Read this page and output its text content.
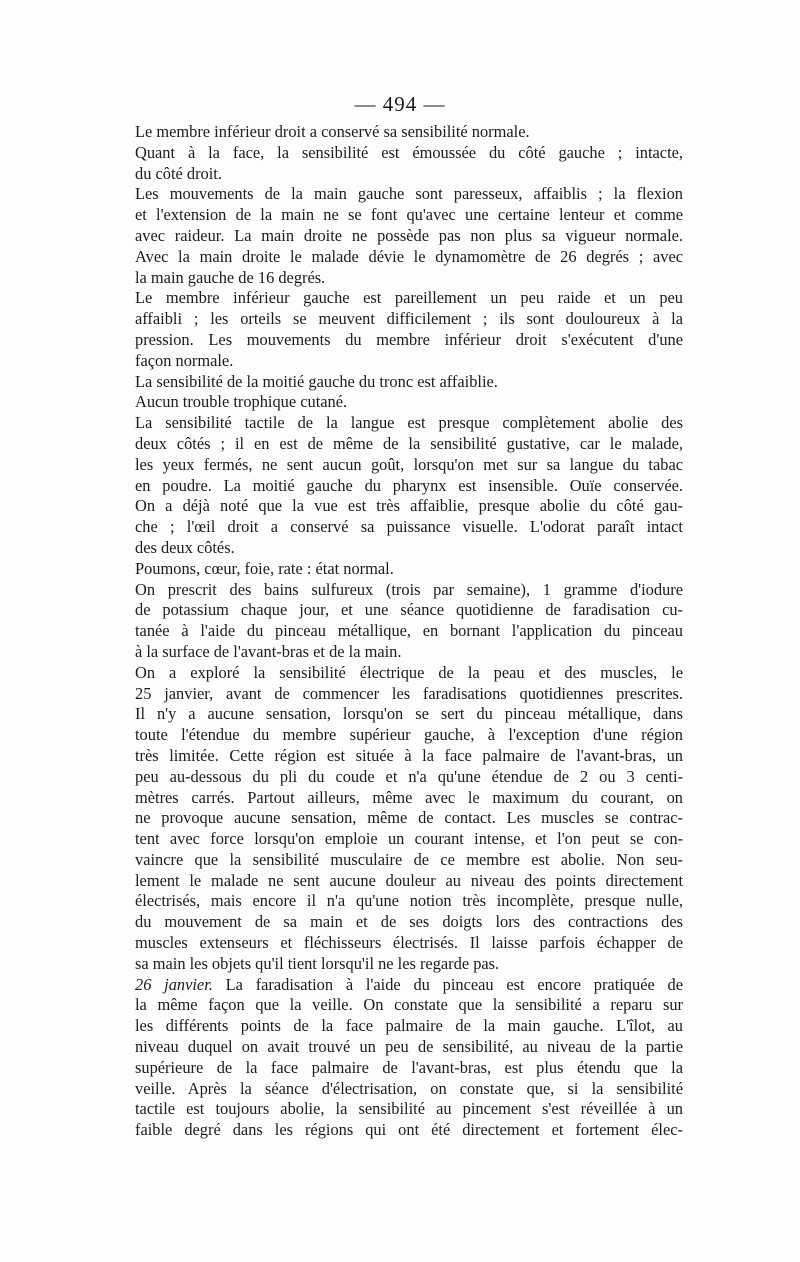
— 494 —

Le membre inférieur droit a conservé sa sensibilité normale.

Quant à la face, la sensibilité est émoussée du côté gauche ; intacte,
du côté droit.

Les mouvements de la main gauche sont paresseux, affaiblis ; la flexion
et l'extension de la main ne se font qu'avec une certaine lenteur et comme
avec raideur. La main droite ne possède pas non plus sa vigueur normale.
Avec la main droite le malade dévie le dynamomètre de 26 degrés ; avec
la main gauche de 16 degrés.

Le membre inférieur gauche est pareillement un peu raide et un peu
affaibli ; les orteils se meuvent difficilement ; ils sont douloureux à la
pression. Les mouvements du membre inférieur droit s'exécutent d'une
façon normale.

La sensibilité de la moitié gauche du tronc est affaiblie.

Aucun trouble trophique cutané.

La sensibilité tactile de la langue est presque complètement abolie des
deux côtés ; il en est de même de la sensibilité gustative, car le malade,
les yeux fermés, ne sent aucun goût, lorsqu'on met sur sa langue du tabac
en poudre. La moitié gauche du pharynx est insensible. Ouïe conservée.
On a déjà noté que la vue est très affaiblie, presque abolie du côté gau-
che ; l'œil droit a conservé sa puissance visuelle. L'odorat paraît intact
des deux côtés.

Poumons, cœur, foie, rate : état normal.

On prescrit des bains sulfureux (trois par semaine), 1 gramme d'iodure
de potassium chaque jour, et une séance quotidienne de faradisation cu-
tanée à l'aide du pinceau métallique, en bornant l'application du pinceau
à la surface de l'avant-bras et de la main.

On a exploré la sensibilité électrique de la peau et des muscles, le
25 janvier, avant de commencer les faradisations quotidiennes prescrites.
Il n'y a aucune sensation, lorsqu'on se sert du pinceau métallique, dans
toute l'étendue du membre supérieur gauche, à l'exception d'une région
très limitée. Cette région est située à la face palmaire de l'avant-bras, un
peu au-dessous du pli du coude et n'a qu'une étendue de 2 ou 3 centi-
mètres carrés. Partout ailleurs, même avec le maximum du courant, on
ne provoque aucune sensation, même de contact. Les muscles se contrac-
tent avec force lorsqu'on emploie un courant intense, et l'on peut se con-
vaincre que la sensibilité musculaire de ce membre est abolie. Non seu-
lement le malade ne sent aucune douleur au niveau des points directement
électrisés, mais encore il n'a qu'une notion très incomplète, presque nulle,
du mouvement de sa main et de ses doigts lors des contractions des
muscles extenseurs et fléchisseurs électrisés. Il laisse parfois échapper de
sa main les objets qu'il tient lorsqu'il ne les regarde pas.

26 janvier. La faradisation à l'aide du pinceau est encore pratiquée de
la même façon que la veille. On constate que la sensibilité a reparu sur
les différents points de la face palmaire de la main gauche. L'îlot, au
niveau duquel on avait trouvé un peu de sensibilité, au niveau de la partie
supérieure de la face palmaire de l'avant-bras, est plus étendu que la
veille. Après la séance d'électrisation, on constate que, si la sensibilité
tactile est toujours abolie, la sensibilité au pincement s'est réveillée à un
faible degré dans les régions qui ont été directement et fortement élec-
